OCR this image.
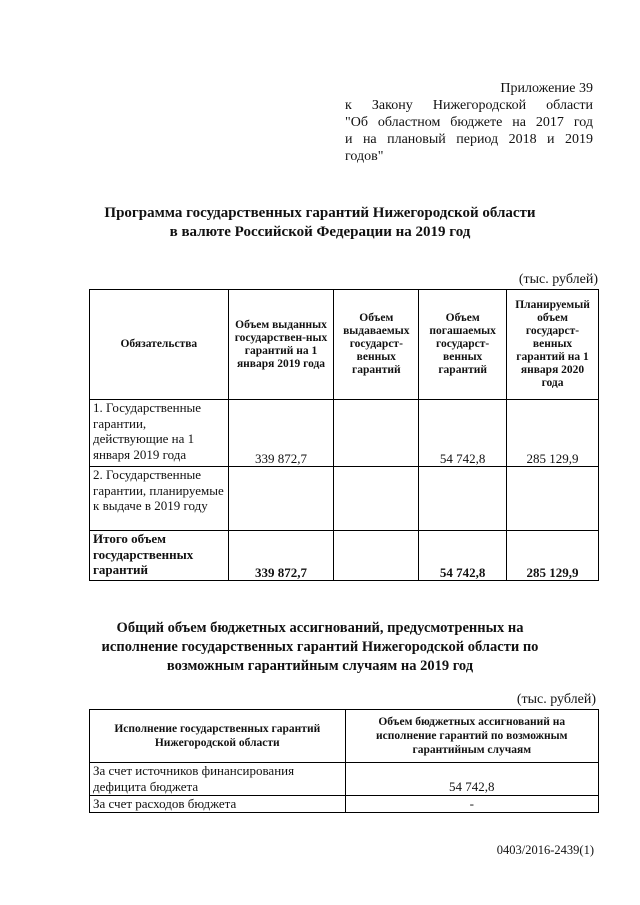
Приложение 39
к Закону Нижегородской области
"Об областном бюджете на 2017 год
и на плановый период 2018 и 2019
годов"
Программа государственных гарантий Нижегородской области
в валюте Российской Федерации на 2019 год
(тыс. рублей)
Обязательства	Объем выданных государствен-ных гарантий на 1 января 2019 года	Объем выдаваемых государст-венных гарантий	Объем погашаемых государст-венных гарантий	Планируемый объем государст-венных гарантий на 1 января 2020 года
1. Государственные гарантии, действующие на 1 января 2019 года	339 872,7		54 742,8	285 129,9
2. Государственные гарантии, планируемые к выдаче в 2019 году				
Итого объем государственных гарантий	339 872,7		54 742,8	285 129,9
Общий объем бюджетных ассигнований, предусмотренных на
исполнение государственных гарантий Нижегородской области по
возможным гарантийным случаям на 2019 год
(тыс. рублей)
Исполнение государственных гарантий Нижегородской области	Объем бюджетных ассигнований на исполнение гарантий по возможным гарантийным случаям
За счет источников финансирования дефицита бюджета	54 742,8
За счет расходов бюджета	-
0403/2016-2439(1)
